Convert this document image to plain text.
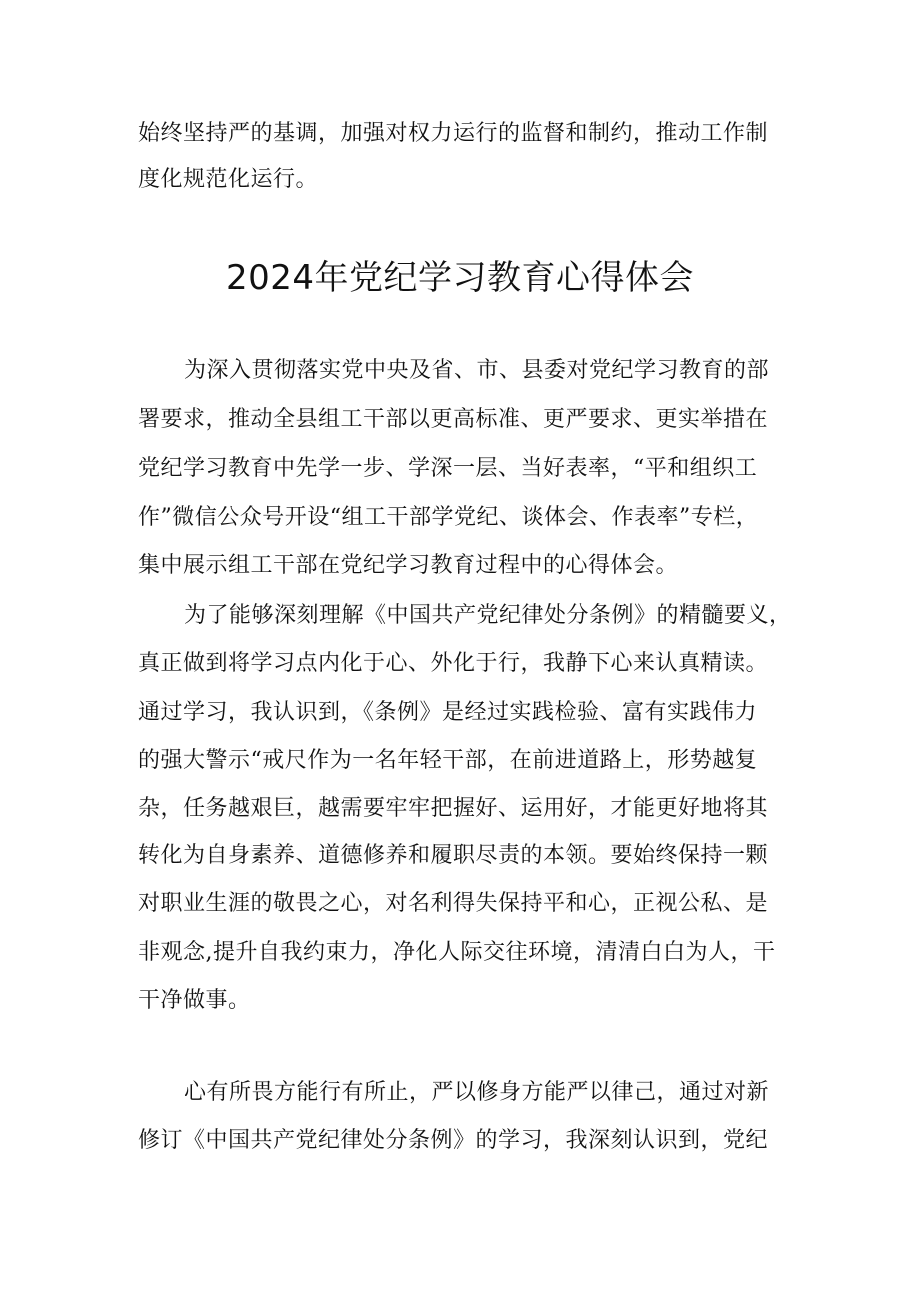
始终坚持严的基调，加强对权力运行的监督和制约，推动工作制
度化规范化运行。
2024年党纪学习教育心得体会
为深入贯彻落实党中央及省、市、县委对党纪学习教育的部
署要求，推动全县组工干部以更高标准、更严要求、更实举措在
党纪学习教育中先学一步、学深一层、当好表率，“平和组织工
作”微信公众号开设“组工干部学党纪、谈体会、作表率”专栏，
集中展示组工干部在党纪学习教育过程中的心得体会。
为了能够深刻理解《中国共产党纪律处分条例》的精髓要义，
真正做到将学习点内化于心、外化于行，我静下心来认真精读。
通过学习，我认识到，《条例》是经过实践检验、富有实践伟力
的强大警示“戒尺作为一名年轻干部，在前进道路上，形势越复
杂，任务越艰巨，越需要牢牢把握好、运用好，才能更好地将其
转化为自身素养、道德修养和履职尽责的本领。要始终保持一颗
对职业生涯的敬畏之心，对名利得失保持平和心，正视公私、是
非观念,提升自我约束力，净化人际交往环境，清清白白为人，干
干净做事。
心有所畏方能行有所止，严以修身方能严以律己，通过对新
修订《中国共产党纪律处分条例》的学习，我深刻认识到，党纪
